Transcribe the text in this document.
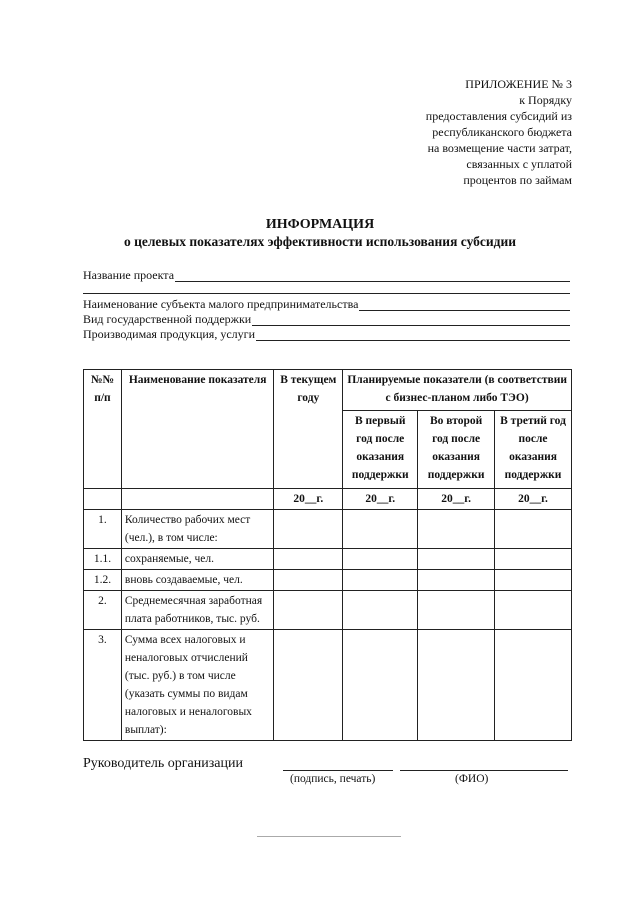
ПРИЛОЖЕНИЕ № 3
к Порядку
предоставления субсидий из
республиканского бюджета
на возмещение части затрат,
связанных с уплатой
процентов по займам
ИНФОРМАЦИЯ
о целевых показателях эффективности использования субсидии
Название проекта
Наименование субъекта малого предпринимательства
Вид государственной поддержки
Производимая продукция, услуги
№№ п/п	Наименование показателя	В текущем году	Планируемые показатели (в соответствии с бизнес-планом либо ТЭО)		
			В первый год после оказания поддержки	Во второй год после оказания поддержки	В третий год после оказания поддержки
		20__г.	20__г.	20__г.	20__г.
1.	Количество рабочих мест (чел.), в том числе:				
1.1.	сохраняемые, чел.				
1.2.	вновь создаваемые, чел.				
2.	Среднемесячная заработная плата работников, тыс. руб.				
3.	Сумма всех налоговых и неналоговых отчислений (тыс. руб.) в том числе (указать суммы по видам налоговых и неналоговых выплат):				
Руководитель организации
(подпись, печать)	(ФИО)
